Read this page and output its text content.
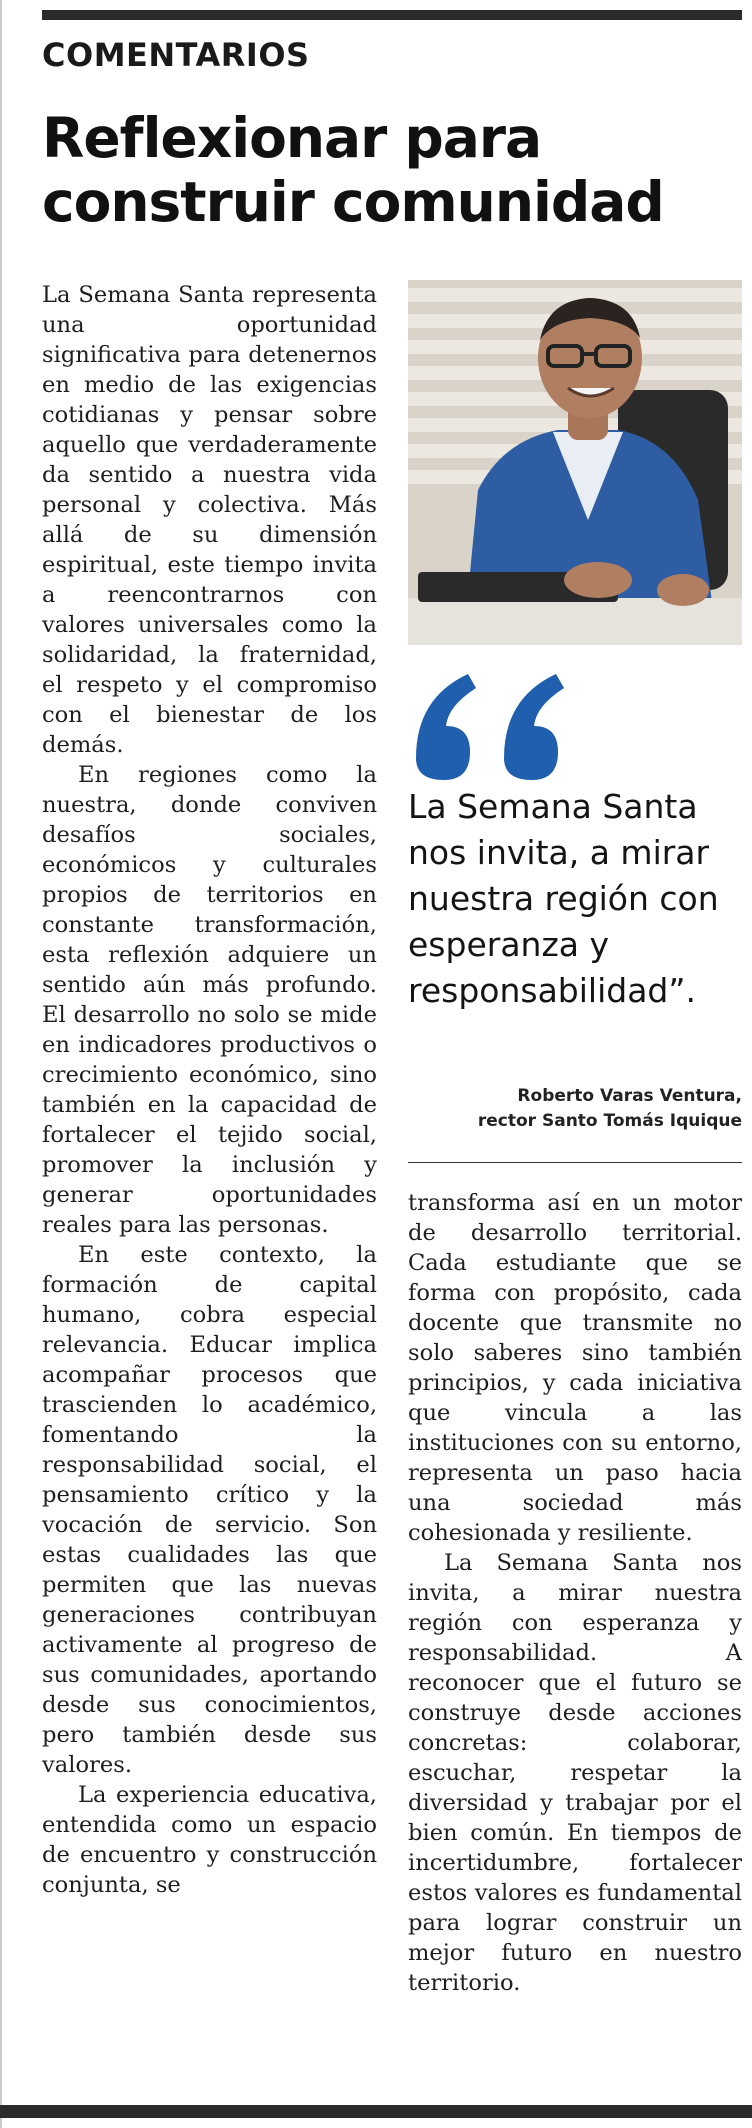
COMENTARIOS
Reflexionar para construir comunidad

La Semana Santa representa una oportunidad significativa para detenernos en medio de las exigencias cotidianas y pensar sobre aquello que verdaderamente da sentido a nuestra vida personal y colectiva. Más allá de su dimensión espiritual, este tiempo invita a reencontrarnos con valores universales como la solidaridad, la fraternidad, el respeto y el compromiso con el bienestar de los demás.

En regiones como la nuestra, donde conviven desafíos sociales, económicos y culturales propios de territorios en constante transformación, esta reflexión adquiere un sentido aún más profundo. El desarrollo no solo se mide en indicadores productivos o crecimiento económico, sino también en la capacidad de fortalecer el tejido social, promover la inclusión y generar oportunidades reales para las personas.

En este contexto, la formación de capital humano, cobra especial relevancia. Educar implica acompañar procesos que trascienden lo académico, fomentando la responsabilidad social, el pensamiento crítico y la vocación de servicio. Son estas cualidades las que permiten que las nuevas generaciones contribuyan activamente al progreso de sus comunidades, aportando desde sus conocimientos, pero también desde sus valores.

La experiencia educativa, entendida como un espacio de encuentro y construcción conjunta, se

La Semana Santa nos invita, a mirar nuestra región con esperanza y responsabilidad”.
Roberto Varas Ventura,
rector Santo Tomás Iquique

transforma así en un motor de desarrollo territorial. Cada estudiante que se forma con propósito, cada docente que transmite no solo saberes sino también principios, y cada iniciativa que vincula a las instituciones con su entorno, representa un paso hacia una sociedad más cohesionada y resiliente.

La Semana Santa nos invita, a mirar nuestra región con esperanza y responsabilidad. A reconocer que el futuro se construye desde acciones concretas: colaborar, escuchar, respetar la diversidad y trabajar por el bien común. En tiempos de incertidumbre, fortalecer estos valores es fundamental para lograr construir un mejor futuro en nuestro territorio.
